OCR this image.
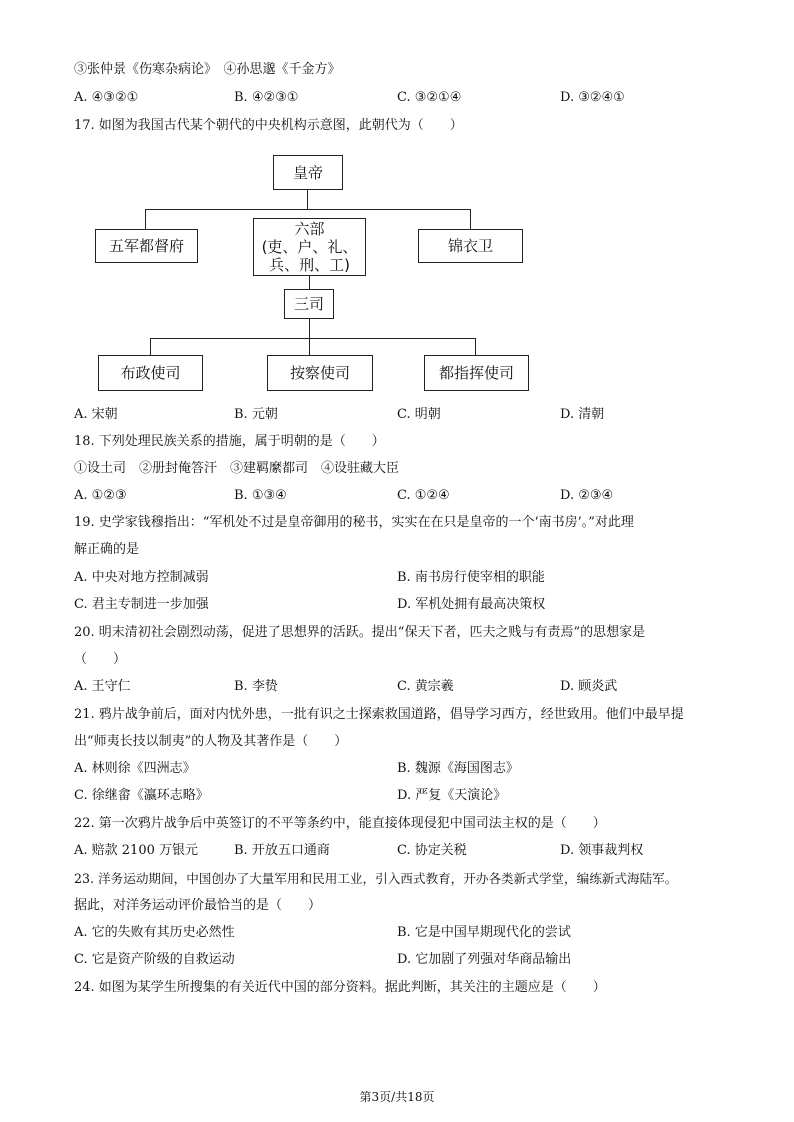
③张仲景《伤寒杂病论》　④孙思邈《千金方》
A. ④③②①	B. ④②③①	C. ③②①④	D. ③②④①
17. 如图为我国古代某个朝代的中央机构示意图，此朝代为（　　）
皇帝
五军都督府
六部
(吏、户、礼、
兵、刑、工)
锦衣卫
三司
布政使司	按察使司	都指挥使司
A. 宋朝	B. 元朝	C. 明朝	D. 清朝
18. 下列处理民族关系的措施，属于明朝的是（　　）
①设土司　②册封俺答汗　③建羁縻都司　④设驻藏大臣
A. ①②③	B. ①③④	C. ①②④	D. ②③④
19. 史学家钱穆指出：“军机处不过是皇帝御用的秘书，实实在在只是皇帝的一个‘南书房’。”对此理
解正确的是
A. 中央对地方控制减弱	B. 南书房行使宰相的职能
C. 君主专制进一步加强	D. 军机处拥有最高决策权
20. 明末清初社会剧烈动荡，促进了思想界的活跃。提出“保天下者，匹夫之贱与有责焉”的思想家是
（　　）
A. 王守仁	B. 李贽	C. 黄宗羲	D. 顾炎武
21. 鸦片战争前后，面对内忧外患，一批有识之士探索救国道路，倡导学习西方，经世致用。他们中最早提
出“师夷长技以制夷”的人物及其著作是（　　）
A. 林则徐《四洲志》	B. 魏源《海国图志》
C. 徐继畲《瀛环志略》	D. 严复《天演论》
22. 第一次鸦片战争后中英签订的不平等条约中，能直接体现侵犯中国司法主权的是（　　）
A. 赔款 2100 万银元	B. 开放五口通商	C. 协定关税	D. 领事裁判权
23. 洋务运动期间，中国创办了大量军用和民用工业，引入西式教育，开办各类新式学堂，编练新式海陆军。
据此，对洋务运动评价最恰当的是（　　）
A. 它的失败有其历史必然性	B. 它是中国早期现代化的尝试
C. 它是资产阶级的自救运动	D. 它加剧了列强对华商品输出
24. 如图为某学生所搜集的有关近代中国的部分资料。据此判断，其关注的主题应是（　　）
第3页/共18页
